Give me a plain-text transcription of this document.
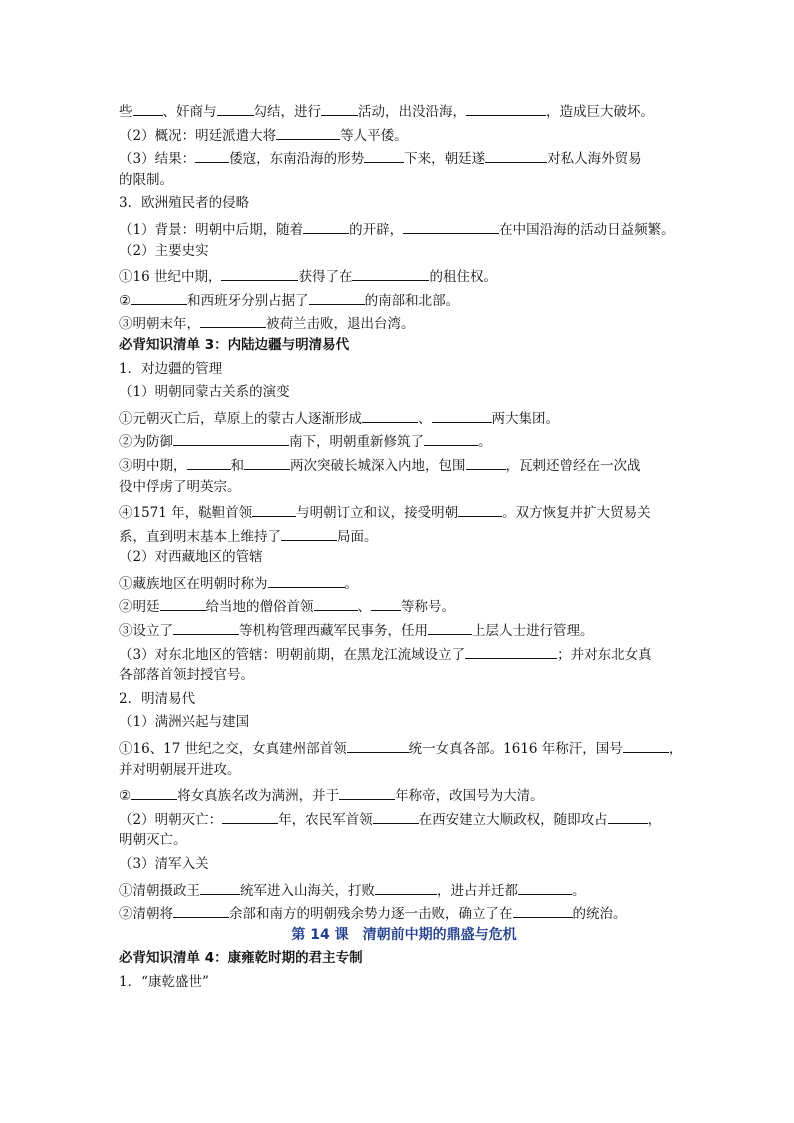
些 、奸商与	勾结，进行	活动，出没沿海，	，造成巨大破坏。
（2）概况：明廷派遣大将	等人平倭。
（3）结果：	倭寇，东南沿海的形势	下来，朝廷遂	对私人海外贸易
的限制。
3．欧洲殖民者的侵略
（1）背景：明朝中后期，随着	的开辟，	在中国沿海的活动日益频繁。
（2）主要史实
①16 世纪中期，	获得了在	的租住权。
②	和西班牙分别占据了	的南部和北部。
③明朝末年，	被荷兰击败，退出台湾。
必背知识清单 3：内陆边疆与明清易代
1．对边疆的管理
（1）明朝同蒙古关系的演变
①元朝灭亡后，草原上的蒙古人逐渐形成	、	两大集团。
②为防御	南下，明朝重新修筑了	。
③明中期，	和	两次突破长城深入内地，包围	，瓦剌还曾经在一次战
役中俘虏了明英宗。
④1571 年，鞑靼首领	与明朝订立和议，接受明朝	。双方恢复并扩大贸易关
系，直到明末基本上维持了	局面。
（2）对西藏地区的管辖
①藏族地区在明朝时称为	。
②明廷	给当地的僧俗首领	、 等称号。
③设立了	等机构管理西藏军民事务，任用	上层人士进行管理。
（3）对东北地区的管辖：明朝前期，在黑龙江流域设立了	；并对东北女真
各部落首领封授官号。
2．明清易代
（1）满洲兴起与建国
①16、17 世纪之交，女真建州部首领	统一女真各部。1616 年称汗，国号	，
并对明朝展开进攻。
②	将女真族名改为满洲，并于	年称帝，改国号为大清。
（2）明朝灭亡：	年，农民军首领	在西安建立大顺政权，随即攻占	，
明朝灭亡。
（3）清军入关
①清朝摄政王	统军进入山海关，打败	，进占并迁都	。
②清朝将	余部和南方的明朝残余势力逐一击败，确立了在	的统治。
第 14 课　清朝前中期的鼎盛与危机
必背知识清单 4：康雍乾时期的君主专制
1．“康乾盛世”
